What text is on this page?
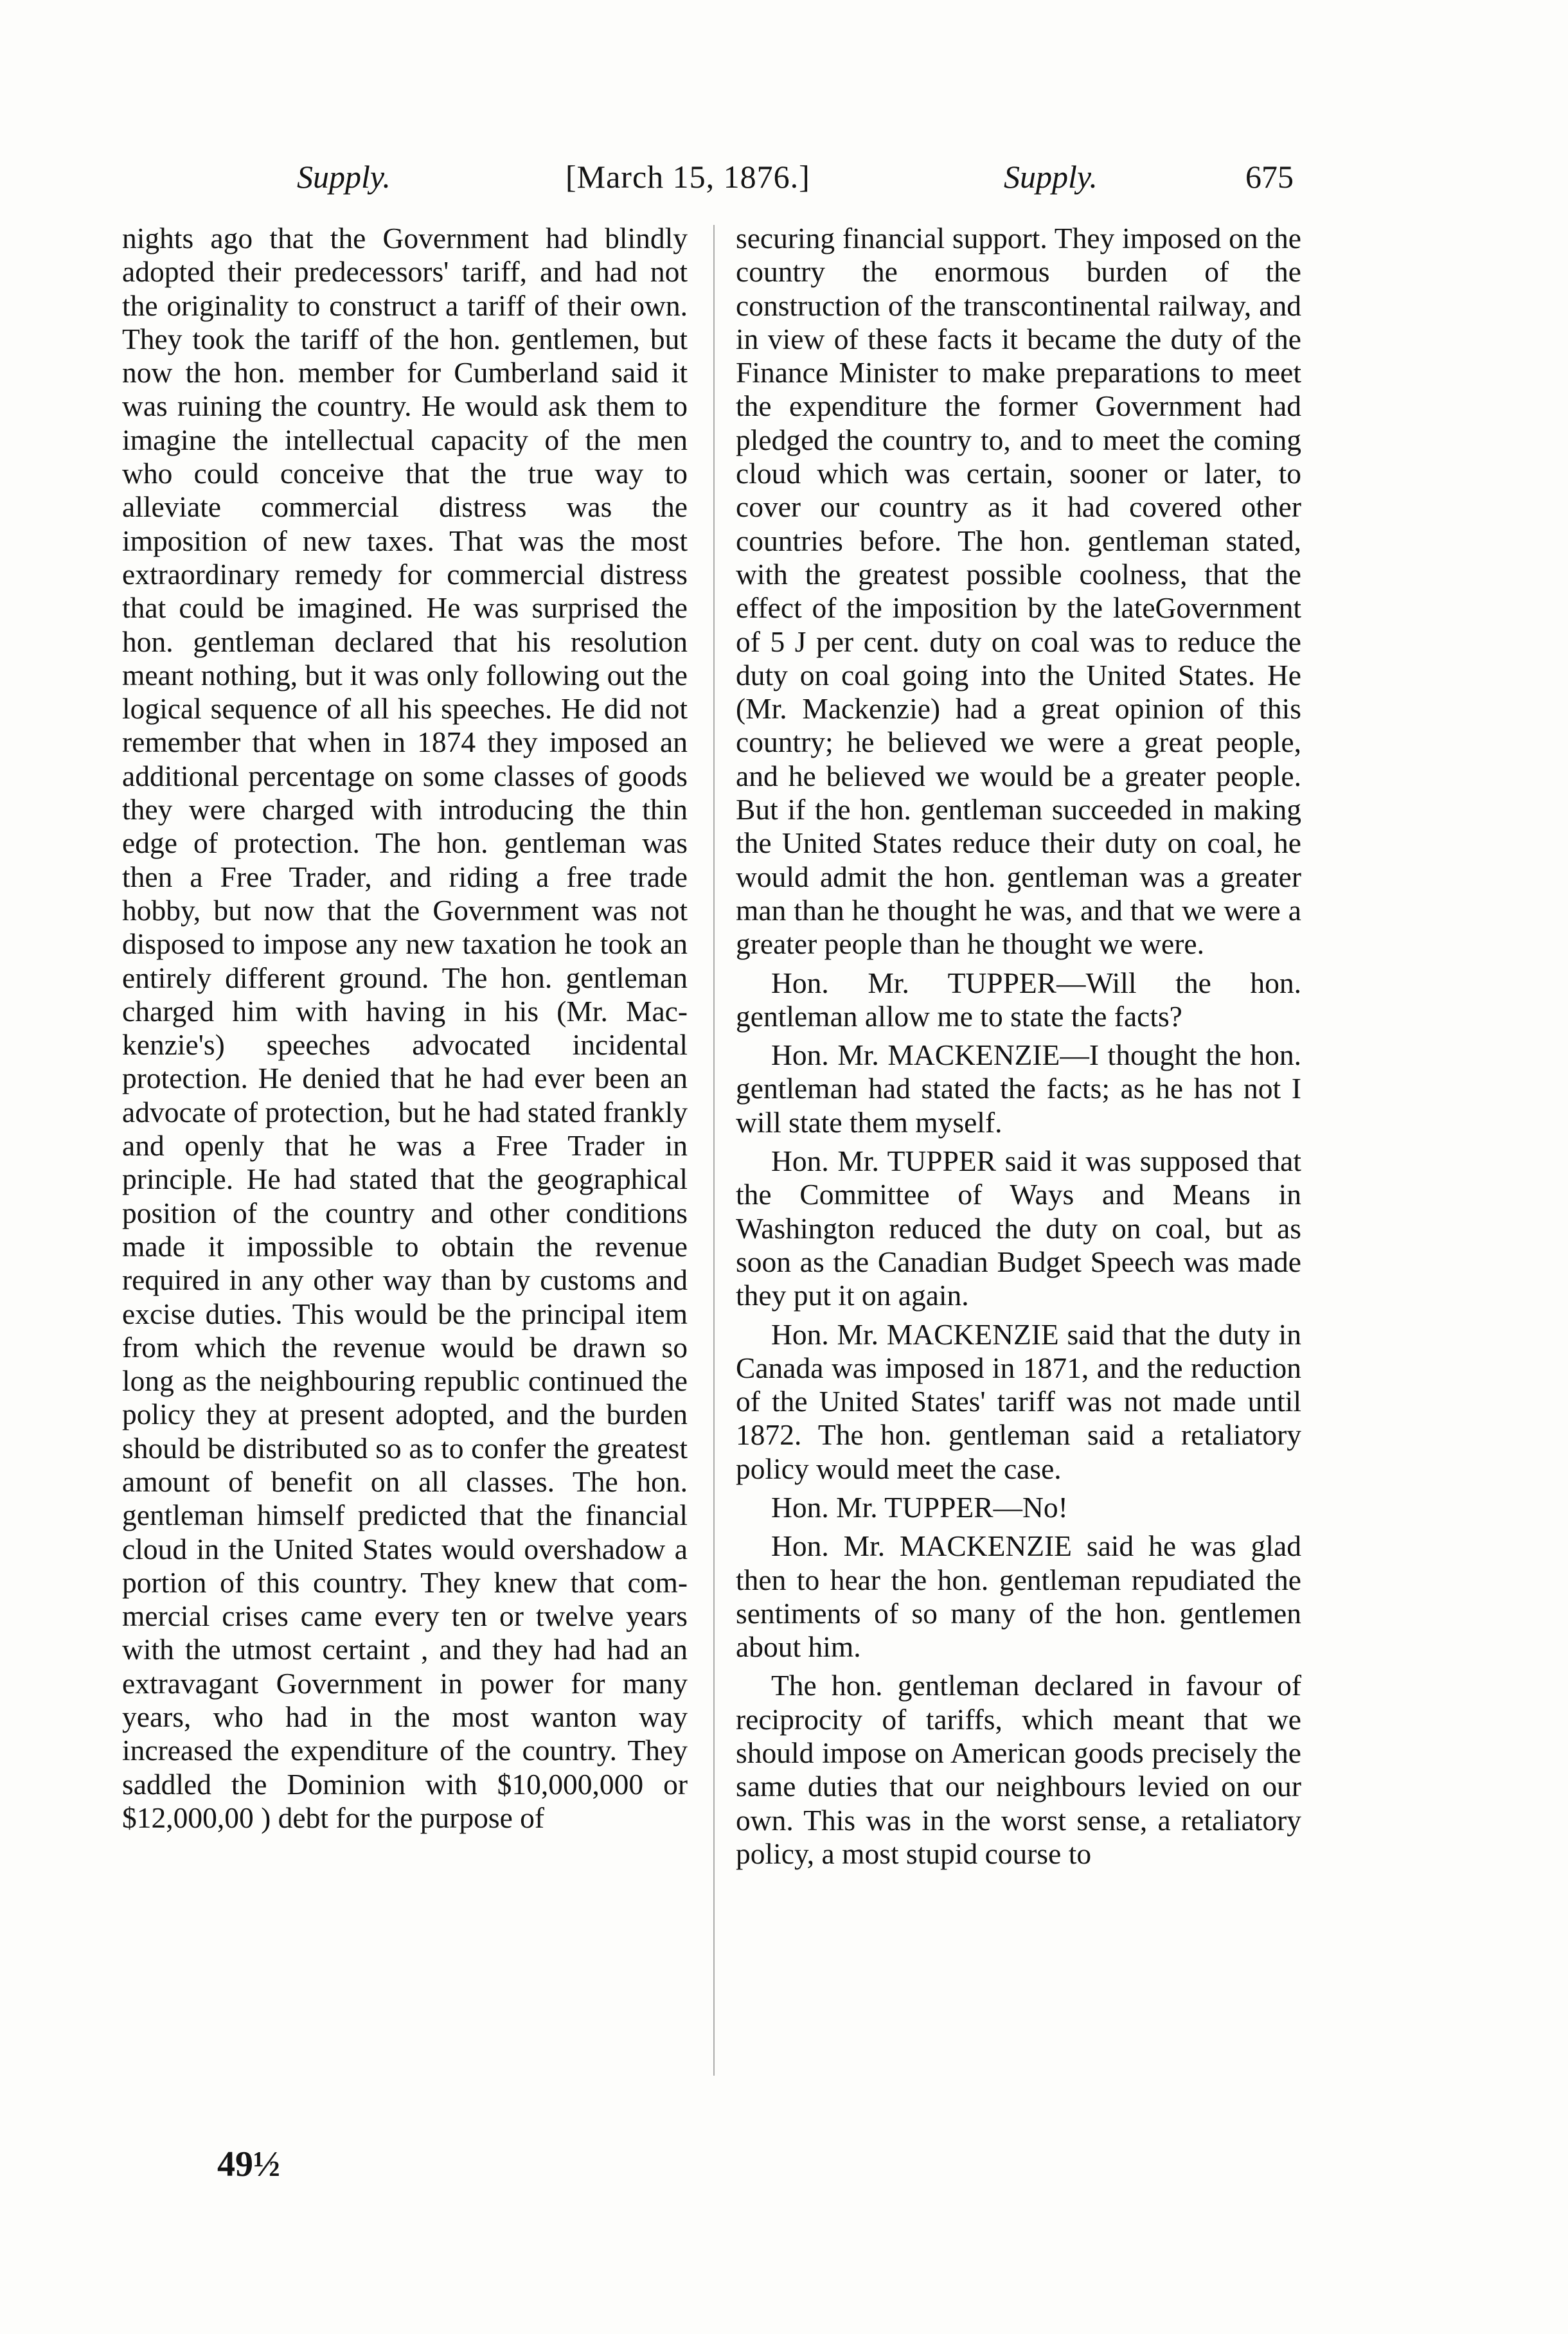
Supply.	[March 15, 1876.]	Supply.	675

nights ago that the Government had blindly adopted their predecessors' tariff, and had not the originality to construct a tariff of their own. They took the tariff of the hon. gentlemen, but now the hon. member for Cumberland said it was ruining the country. He would ask them to imagine the intellectual capacity of the men who could conceive that the true way to alleviate commercial distress was the imposition of new taxes. That was the most extraordinary remedy for commercial distress that could be imagined. He was surprised the hon. gentleman declared that his resolution meant nothing, but it was only following out the logical sequence of all his speeches. He did not remember that when in 1874 they imposed an additional percentage on some classes of goods they were charged with introducing the thin edge of protection. The hon. gentleman was then a Free Trader, and riding a free trade hobby, but now that the Government was not disposed to impose any new taxation he took an entirely different ground. The hon. gentleman charged him with having in his (Mr. Mackenzie's) speeches advocated incidental protection. He denied that he had ever been an advocate of protection, but he had stated frankly and openly that he was a Free Trader in principle. He had stated that the geographical position of the country and other conditions made it impossible to obtain the revenue required in any other way than by customs and excise duties. This would be the principal item from which the revenue would be drawn so long as the neighbouring republic continued the policy they at present adopted, and the burden should be distributed so as to confer the greatest amount of benefit on all classes. The hon. gentleman himself predicted that the financial cloud in the United States would overshadow a portion of this country. They knew that commercial crises came every ten or twelve years with the utmost certaint , and they had had an extravagant Government in power for many years, who had in the most wanton way increased the expenditure of the country. They saddled the Dominion with $10,000,000 or $12,000,00 ) debt for the purpose of

securing financial support. They imposed on the country the enormous burden of the construction of the transcontinental railway, and in view of these facts it became the duty of the Finance Minister to make preparations to meet the expenditure the former Government had pledged the country to, and to meet the coming cloud which was certain, sooner or later, to cover our country as it had covered other countries before. The hon. gentleman stated, with the greatest possible coolness, that the effect of the imposition by the lateGovernment of 5 J per cent. duty on coal was to reduce the duty on coal going into the United States. He (Mr. Mackenzie) had a great opinion of this country; he believed we were a great people, and he believed we would be a greater people. But if the hon. gentleman succeeded in making the United States reduce their duty on coal, he would admit the hon. gentleman was a greater man than he thought he was, and that we were a greater people than he thought we were.

Hon. Mr. TUPPER—Will the hon. gentleman allow me to state the facts?

Hon. Mr. MACKENZIE—I thought the hon. gentleman had stated the facts; as he has not I will state them myself.

Hon. Mr. TUPPER said it was supposed that the Committee of Ways and Means in Washington reduced the duty on coal, but as soon as the Canadian Budget Speech was made they put it on again.

Hon. Mr. MACKENZIE said that the duty in Canada was imposed in 1871, and the reduction of the United States' tariff was not made until 1872. The hon. gentleman said a retaliatory policy would meet the case.

Hon. Mr. TUPPER—No!

Hon. Mr. MACKENZIE said he was glad then to hear the hon. gentleman repudiated the sentiments of so many of the hon. gentlemen about him.

The hon. gentleman declared in favour of reciprocity of tariffs, which meant that we should impose on American goods precisely the same duties that our neighbours levied on our own. This was in the worst sense, a retaliatory policy, a most stupid course to

49½
